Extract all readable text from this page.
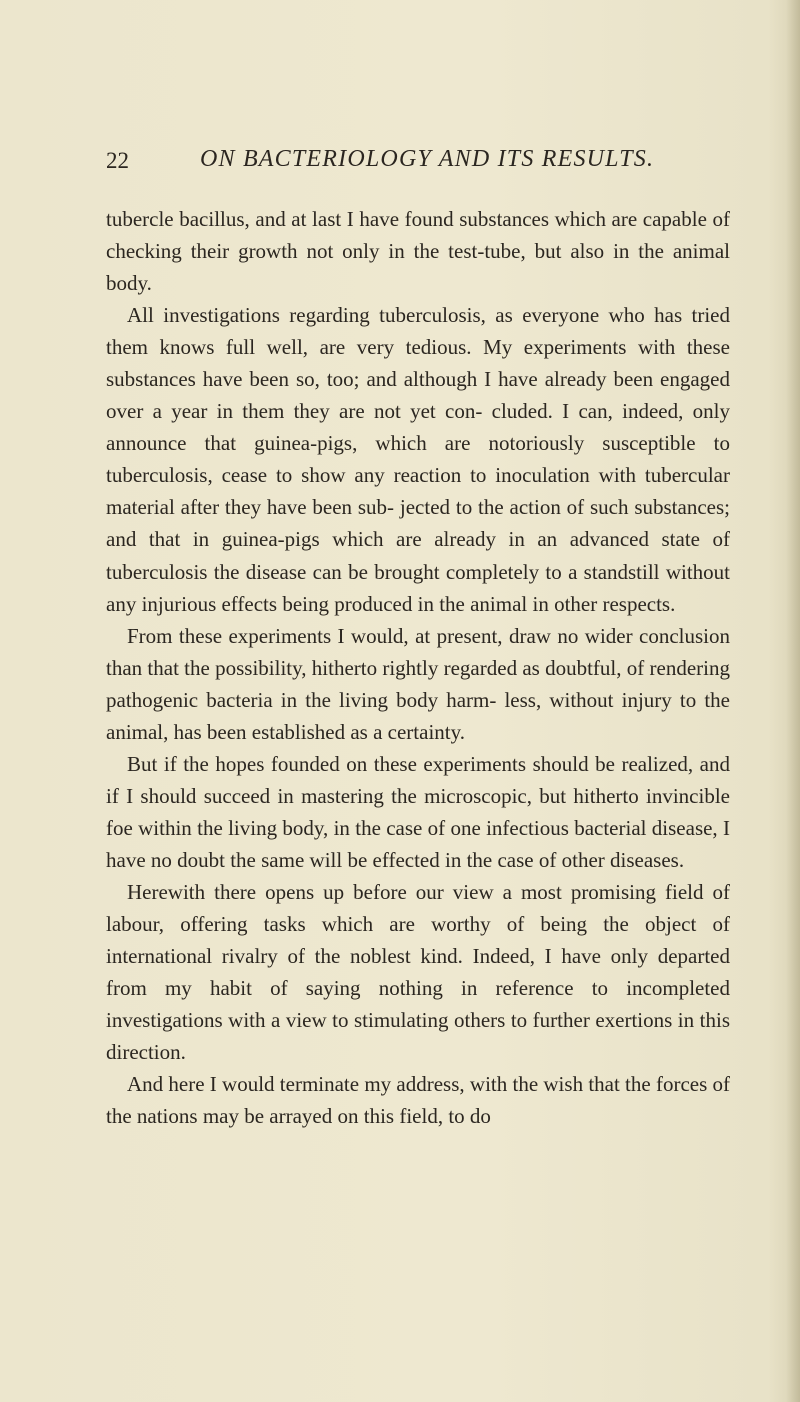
22	ON BACTERIOLOGY AND ITS RESULTS.

tubercle bacillus, and at last I have found substances which are capable of checking their growth not only in the test-tube, but also in the animal body.

All investigations regarding tuberculosis, as everyone who has tried them knows full well, are very tedious. My experiments with these substances have been so, too; and although I have already been engaged over a year in them they are not yet con- cluded. I can, indeed, only announce that guinea-pigs, which are notoriously susceptible to tuberculosis, cease to show any reaction to inoculation with tubercular material after they have been sub- jected to the action of such substances; and that in guinea-pigs which are already in an advanced state of tuberculosis the disease can be brought completely to a standstill without any injurious effects being produced in the animal in other respects.

From these experiments I would, at present, draw no wider conclusion than that the possibility, hitherto rightly regarded as doubtful, of rendering pathogenic bacteria in the living body harm- less, without injury to the animal, has been established as a certainty.

But if the hopes founded on these experiments should be realized, and if I should succeed in mastering the microscopic, but hitherto invincible foe within the living body, in the case of one infectious bacterial disease, I have no doubt the same will be effected in the case of other diseases.

Herewith there opens up before our view a most promising field of labour, offering tasks which are worthy of being the object of international rivalry of the noblest kind. Indeed, I have only departed from my habit of saying nothing in reference to incompleted investigations with a view to stimulating others to further exertions in this direction.

And here I would terminate my address, with the wish that the forces of the nations may be arrayed on this field, to do
